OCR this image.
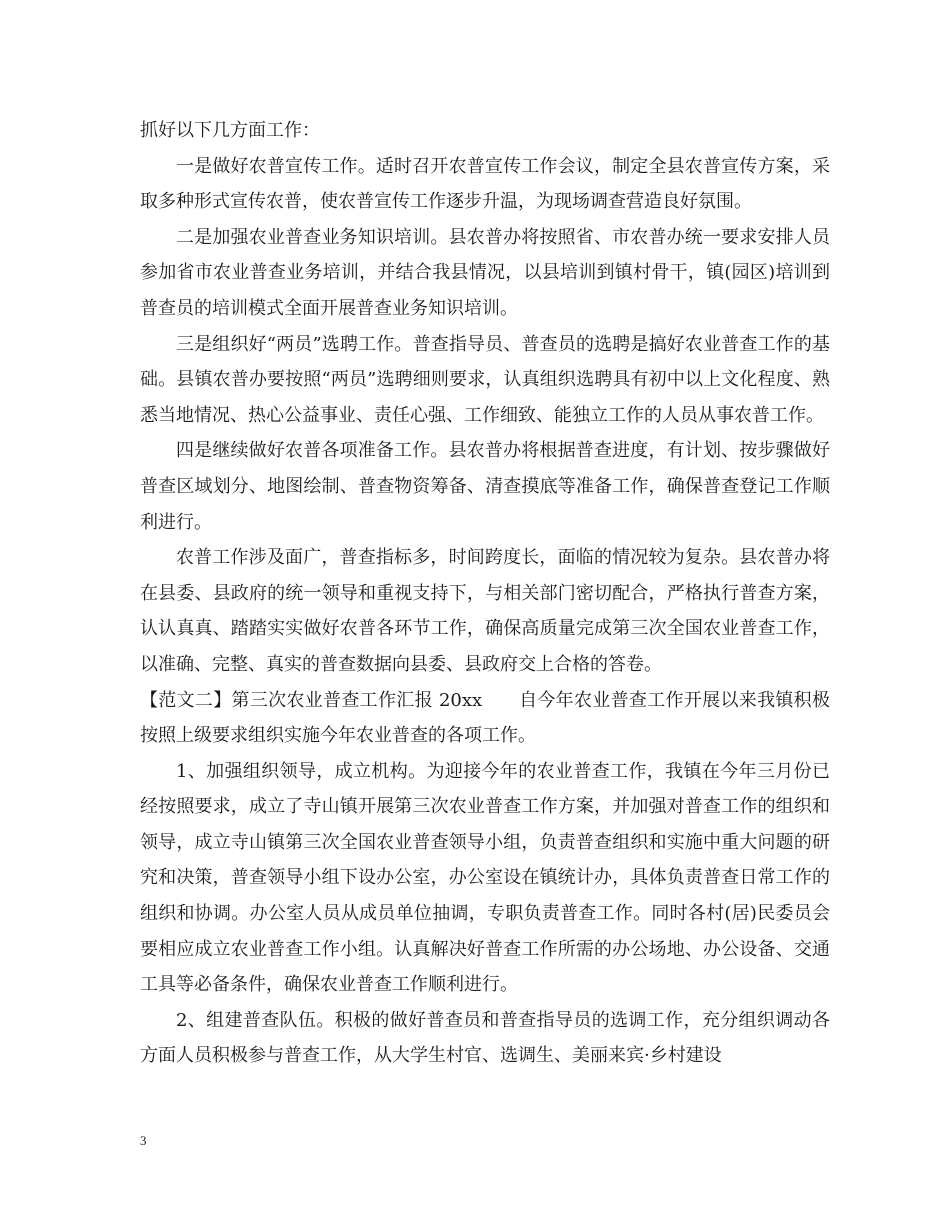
抓好以下几方面工作：

一是做好农普宣传工作。适时召开农普宣传工作会议，制定全县农普宣传方案，采取多种形式宣传农普，使农普宣传工作逐步升温，为现场调查营造良好氛围。

二是加强农业普查业务知识培训。县农普办将按照省、市农普办统一要求安排人员参加省市农业普查业务培训，并结合我县情况，以县培训到镇村骨干，镇(园区)培训到普查员的培训模式全面开展普查业务知识培训。

三是组织好“两员”选聘工作。普查指导员、普查员的选聘是搞好农业普查工作的基础。县镇农普办要按照“两员”选聘细则要求，认真组织选聘具有初中以上文化程度、熟悉当地情况、热心公益事业、责任心强、工作细致、能独立工作的人员从事农普工作。

四是继续做好农普各项准备工作。县农普办将根据普查进度，有计划、按步骤做好普查区域划分、地图绘制、普查物资筹备、清查摸底等准备工作，确保普查登记工作顺利进行。

农普工作涉及面广，普查指标多，时间跨度长，面临的情况较为复杂。县农普办将在县委、县政府的统一领导和重视支持下，与相关部门密切配合，严格执行普查方案，认认真真、踏踏实实做好农普各环节工作，确保高质量完成第三次全国农业普查工作，以准确、完整、真实的普查数据向县委、县政府交上合格的答卷。

【范文二】第三次农业普查工作汇报 20xx　　自今年农业普查工作开展以来我镇积极按照上级要求组织实施今年农业普查的各项工作。

1、加强组织领导，成立机构。为迎接今年的农业普查工作，我镇在今年三月份已经按照要求，成立了寺山镇开展第三次农业普查工作方案，并加强对普查工作的组织和领导，成立寺山镇第三次全国农业普查领导小组，负责普查组织和实施中重大问题的研究和决策，普查领导小组下设办公室，办公室设在镇统计办，具体负责普查日常工作的组织和协调。办公室人员从成员单位抽调，专职负责普查工作。同时各村(居)民委员会要相应成立农业普查工作小组。认真解决好普查工作所需的办公场地、办公设备、交通工具等必备条件，确保农业普查工作顺利进行。

2、组建普查队伍。积极的做好普查员和普查指导员的选调工作，充分组织调动各方面人员积极参与普查工作，从大学生村官、选调生、美丽来宾·乡村建设

3
